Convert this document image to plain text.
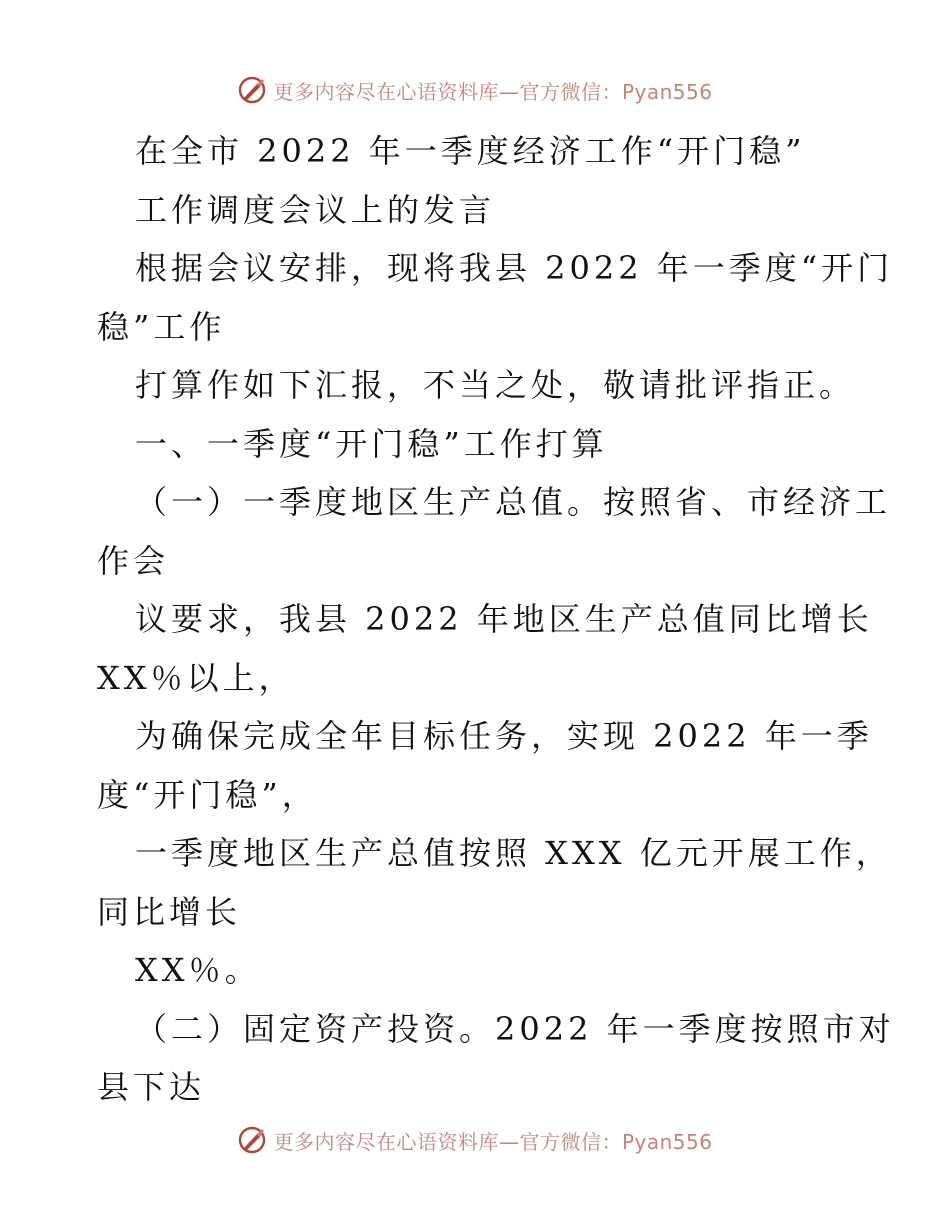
更多内容尽在心语资料库—官方微信：Pyan556
在全市 2022 年一季度经济工作“开门稳”
工作调度会议上的发言
根据会议安排，现将我县 2022 年一季度“开门
稳”工作
打算作如下汇报，不当之处，敬请批评指正。
一、一季度“开门稳”工作打算
（一）一季度地区生产总值。按照省、市经济工
作会
议要求，我县 2022 年地区生产总值同比增长
XX％以上，
为确保完成全年目标任务，实现 2022 年一季
度“开门稳”，
一季度地区生产总值按照 XXX 亿元开展工作，
同比增长
XX％。
（二）固定资产投资。2022 年一季度按照市对
县下达
更多内容尽在心语资料库—官方微信：Pyan556
